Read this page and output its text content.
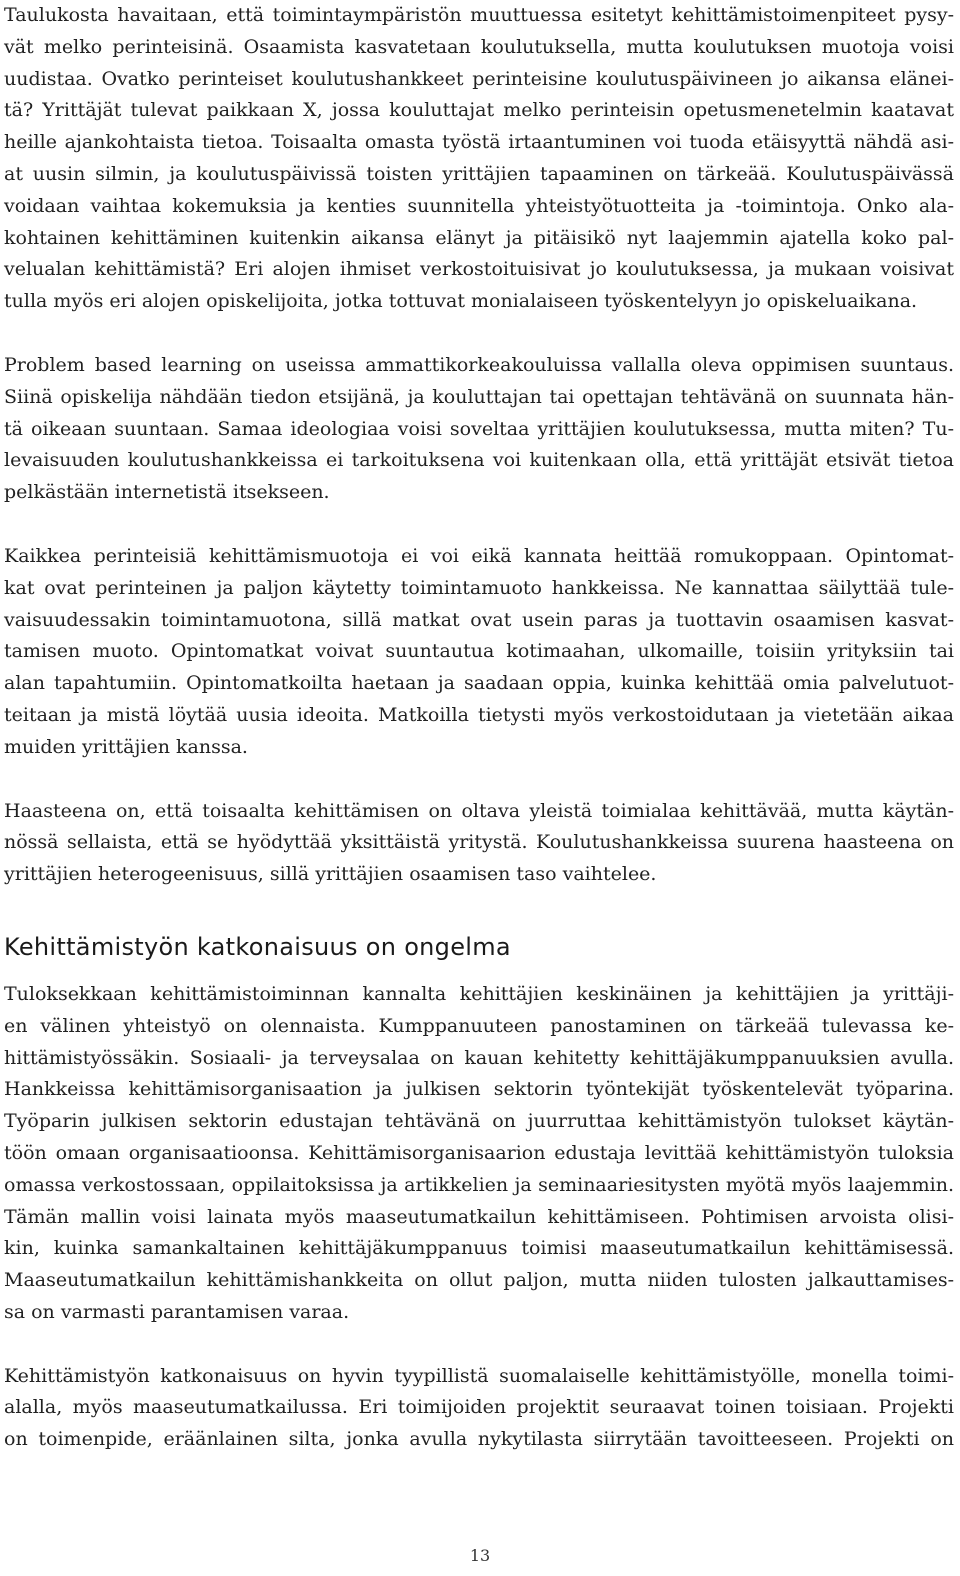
Taulukosta havaitaan, että toimintaympäristön muuttuessa esitetyt kehittämistoimenpiteet pysy-
vät melko perinteisinä. Osaamista kasvatetaan koulutuksella, mutta koulutuksen muotoja voisi
uudistaa. Ovatko perinteiset koulutushankkeet perinteisine koulutuspäivineen jo aikansa elänei-
tä? Yrittäjät tulevat paikkaan X, jossa kouluttajat melko perinteisin opetusmenetelmin kaatavat
heille ajankohtaista tietoa. Toisaalta omasta työstä irtaantuminen voi tuoda etäisyyttä nähdä asi-
at uusin silmin, ja koulutuspäivissä toisten yrittäjien tapaaminen on tärkeää. Koulutuspäivässä
voidaan vaihtaa kokemuksia ja kenties suunnitella yhteistyötuotteita ja -toimintoja. Onko ala-
kohtainen kehittäminen kuitenkin aikansa elänyt ja pitäisikö nyt laajemmin ajatella koko pal-
velualan kehittämistä? Eri alojen ihmiset verkostoituisivat jo koulutuksessa, ja mukaan voisivat
tulla myös eri alojen opiskelijoita, jotka tottuvat monialaiseen työskentelyyn jo opiskeluaikana.

Problem based learning on useissa ammattikorkeakouluissa vallalla oleva oppimisen suuntaus.
Siinä opiskelija nähdään tiedon etsijänä, ja kouluttajan tai opettajan tehtävänä on suunnata hän-
tä oikeaan suuntaan. Samaa ideologiaa voisi soveltaa yrittäjien koulutuksessa, mutta miten? Tu-
levaisuuden koulutushankkeissa ei tarkoituksena voi kuitenkaan olla, että yrittäjät etsivät tietoa
pelkästään internetistä itsekseen.

Kaikkea perinteisiä kehittämismuotoja ei voi eikä kannata heittää romukoppaan. Opintomat-
kat ovat perinteinen ja paljon käytetty toimintamuoto hankkeissa. Ne kannattaa säilyttää tule-
vaisuudessakin toimintamuotona, sillä matkat ovat usein paras ja tuottavin osaamisen kasvat-
tamisen muoto. Opintomatkat voivat suuntautua kotimaahan, ulkomaille, toisiin yrityksiin tai
alan tapahtumiin. Opintomatkoilta haetaan ja saadaan oppia, kuinka kehittää omia palvelutuot-
teitaan ja mistä löytää uusia ideoita. Matkoilla tietysti myös verkostoidutaan ja vietetään aikaa
muiden yrittäjien kanssa.

Haasteena on, että toisaalta kehittämisen on oltava yleistä toimialaa kehittävää, mutta käytän-
nössä sellaista, että se hyödyttää yksittäistä yritystä. Koulutushankkeissa suurena haasteena on
yrittäjien heterogeenisuus, sillä yrittäjien osaamisen taso vaihtelee.

Kehittämistyön katkonaisuus on ongelma

Tuloksekkaan kehittämistoiminnan kannalta kehittäjien keskinäinen ja kehittäjien ja yrittäji-
en välinen yhteistyö on olennaista. Kumppanuuteen panostaminen on tärkeää tulevassa ke-
hittämistyössäkin. Sosiaali- ja terveysalaa on kauan kehitetty kehittäjäkumppanuuksien avulla.
Hankkeissa kehittämisorganisaation ja julkisen sektorin työntekijät työskentelevät työparina.
Työparin julkisen sektorin edustajan tehtävänä on juurruttaa kehittämistyön tulokset käytän-
töön omaan organisaatioonsa. Kehittämisorganisaarion edustaja levittää kehittämistyön tuloksia
omassa verkostossaan, oppilaitoksissa ja artikkelien ja seminaariesitysten myötä myös laajemmin.
Tämän mallin voisi lainata myös maaseutumatkailun kehittämiseen. Pohtimisen arvoista olisi-
kin, kuinka samankaltainen kehittäjäkumppanuus toimisi maaseutumatkailun kehittämisessä.
Maaseutumatkailun kehittämishankkeita on ollut paljon, mutta niiden tulosten jalkauttamises-
sa on varmasti parantamisen varaa.

Kehittämistyön katkonaisuus on hyvin tyypillistä suomalaiselle kehittämistyölle, monella toimi-
alalla, myös maaseutumatkailussa. Eri toimijoiden projektit seuraavat toinen toisiaan. Projekti
on toimenpide, eräänlainen silta, jonka avulla nykytilasta siirrytään tavoitteeseen. Projekti on

13
